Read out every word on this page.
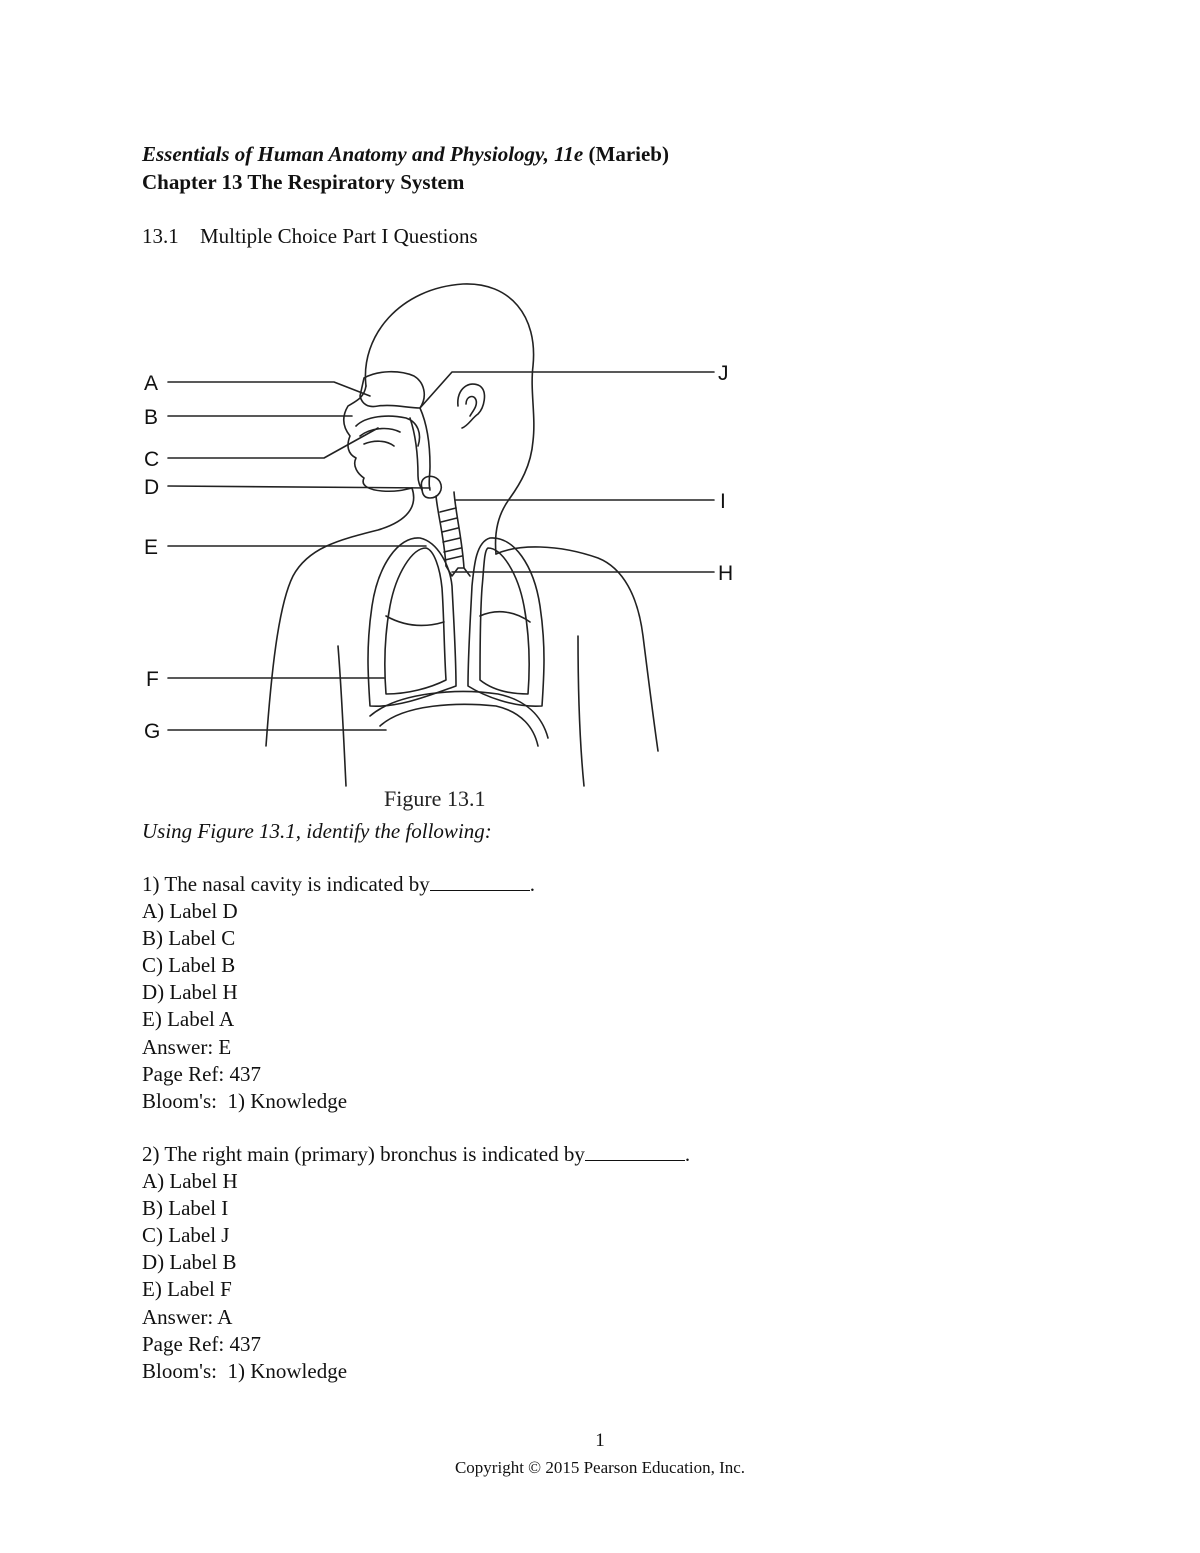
Essentials of Human Anatomy and Physiology, 11e (Marieb)
Chapter 13 The Respiratory System
13.1 Multiple Choice Part I Questions
A
B
C
D
E
F
G
H
I
J
Figure 13.1
Using Figure 13.1, identify the following:
1) The nasal cavity is indicated by	.
A) Label D
B) Label C
C) Label B
D) Label H
E) Label A
Answer: E
Page Ref: 437
Bloom's:  1) Knowledge
2) The right main (primary) bronchus is indicated by	.
A) Label H
B) Label I
C) Label J
D) Label B
E) Label F
Answer: A
Page Ref: 437
Bloom's:  1) Knowledge
1
Copyright © 2015 Pearson Education, Inc.
